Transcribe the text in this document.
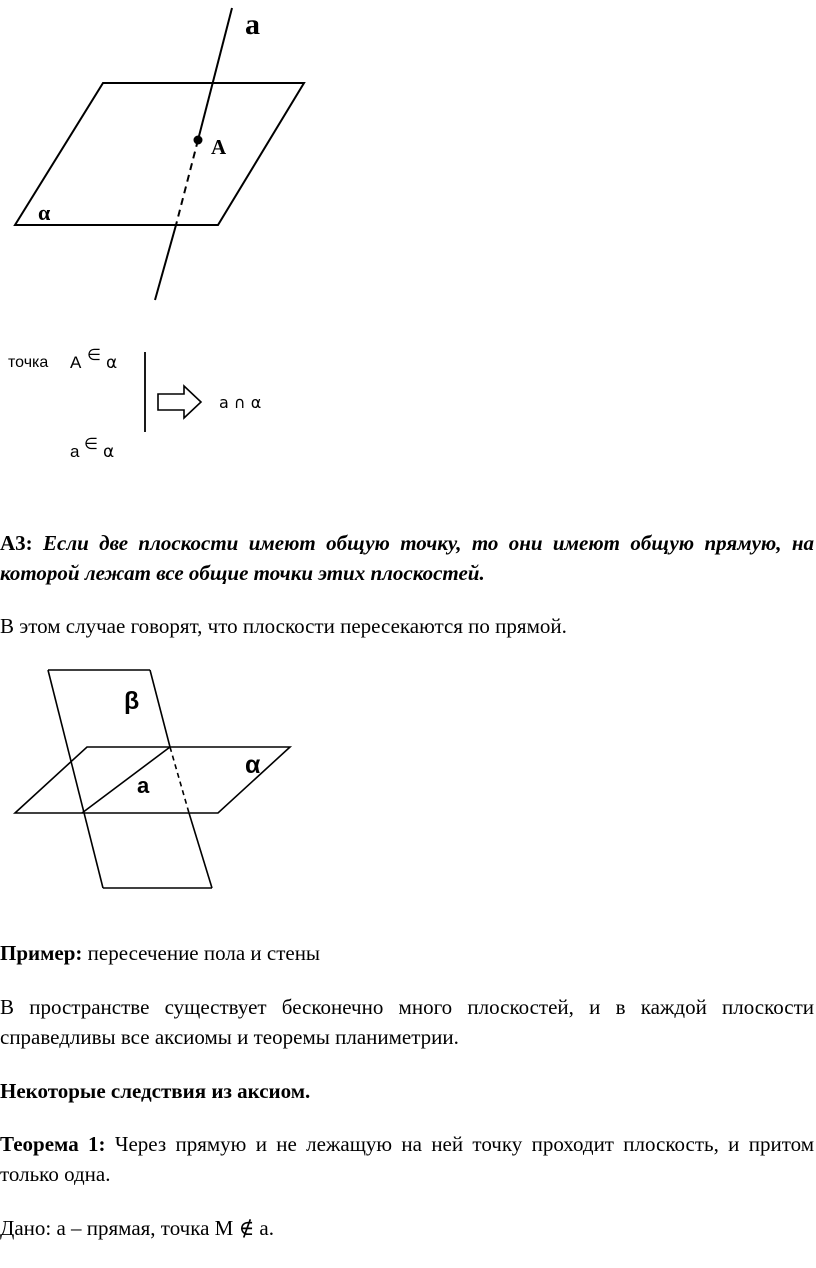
a
A
α
точка A ∈ α
a ∩ α
a ∈ α

А3: Если две плоскости имеют общую точку, то они имеют общую прямую, на которой лежат все общие точки этих плоскостей.

В этом случае говорят, что плоскости пересекаются по прямой.

β
α
a

Пример: пересечение пола и стены

В пространстве существует бесконечно много плоскостей, и в каждой плоскости справедливы все аксиомы и теоремы планиметрии.

Некоторые следствия из аксиом.

Теорема 1: Через прямую и не лежащую на ней точку проходит плоскость, и притом только одна.

Дано: а – прямая, точка М ∉ а.
